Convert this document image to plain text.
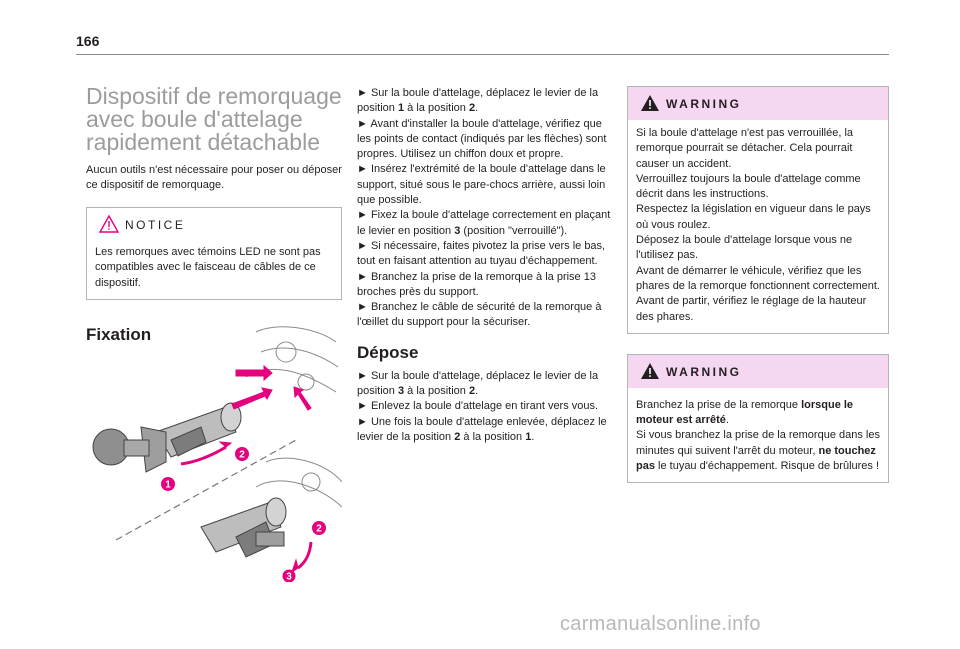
166
Dispositif de remorquage avec boule d'attelage rapidement détachable
Aucun outils n'est nécessaire pour poser ou déposer ce dispositif de remorquage.
NOTICE
Les remorques avec témoins LED ne sont pas compatibles avec le faisceau de câbles de ce dispositif.
Fixation
1
2
2
3
► Sur la boule d'attelage, déplacez le levier de la position 1 à la position 2.
► Avant d'installer la boule d'attelage, vérifiez que les points de contact (indiqués par les flèches) sont propres. Utilisez un chiffon doux et propre.
► Insérez l'extrémité de la boule d'attelage dans le support, situé sous le pare-chocs arrière, aussi loin que possible.
► Fixez la boule d'attelage correctement en plaçant le levier en position 3 (position "verrouillé").
► Si nécessaire, faites pivotez la prise vers le bas, tout en faisant attention au tuyau d'échappement.
► Branchez la prise de la remorque à la prise 13 broches près du support.
► Branchez le câble de sécurité de la remorque à l'œillet du support pour la sécuriser.
Dépose
► Sur la boule d'attelage, déplacez le levier de la position 3 à la position 2.
► Enlevez la boule d'attelage en tirant vers vous.
► Une fois la boule d'attelage enlevée, déplacez le levier de la position 2 à la position 1.
WARNING
Si la boule d'attelage n'est pas verrouillée, la remorque pourrait se détacher. Cela pourrait causer un accident.
Verrouillez toujours la boule d'attelage comme décrit dans les instructions.
Respectez la législation en vigueur dans le pays où vous roulez.
Déposez la boule d'attelage lorsque vous ne l'utilisez pas.
Avant de démarrer le véhicule, vérifiez que les phares de la remorque fonctionnent correctement.
Avant de partir, vérifiez le réglage de la hauteur des phares.
WARNING
Branchez la prise de la remorque lorsque le moteur est arrêté.
Si vous branchez la prise de la remorque dans les minutes qui suivent l'arrêt du moteur, ne touchez pas le tuyau d'échappement. Risque de brûlures !
carmanualsonline.info
